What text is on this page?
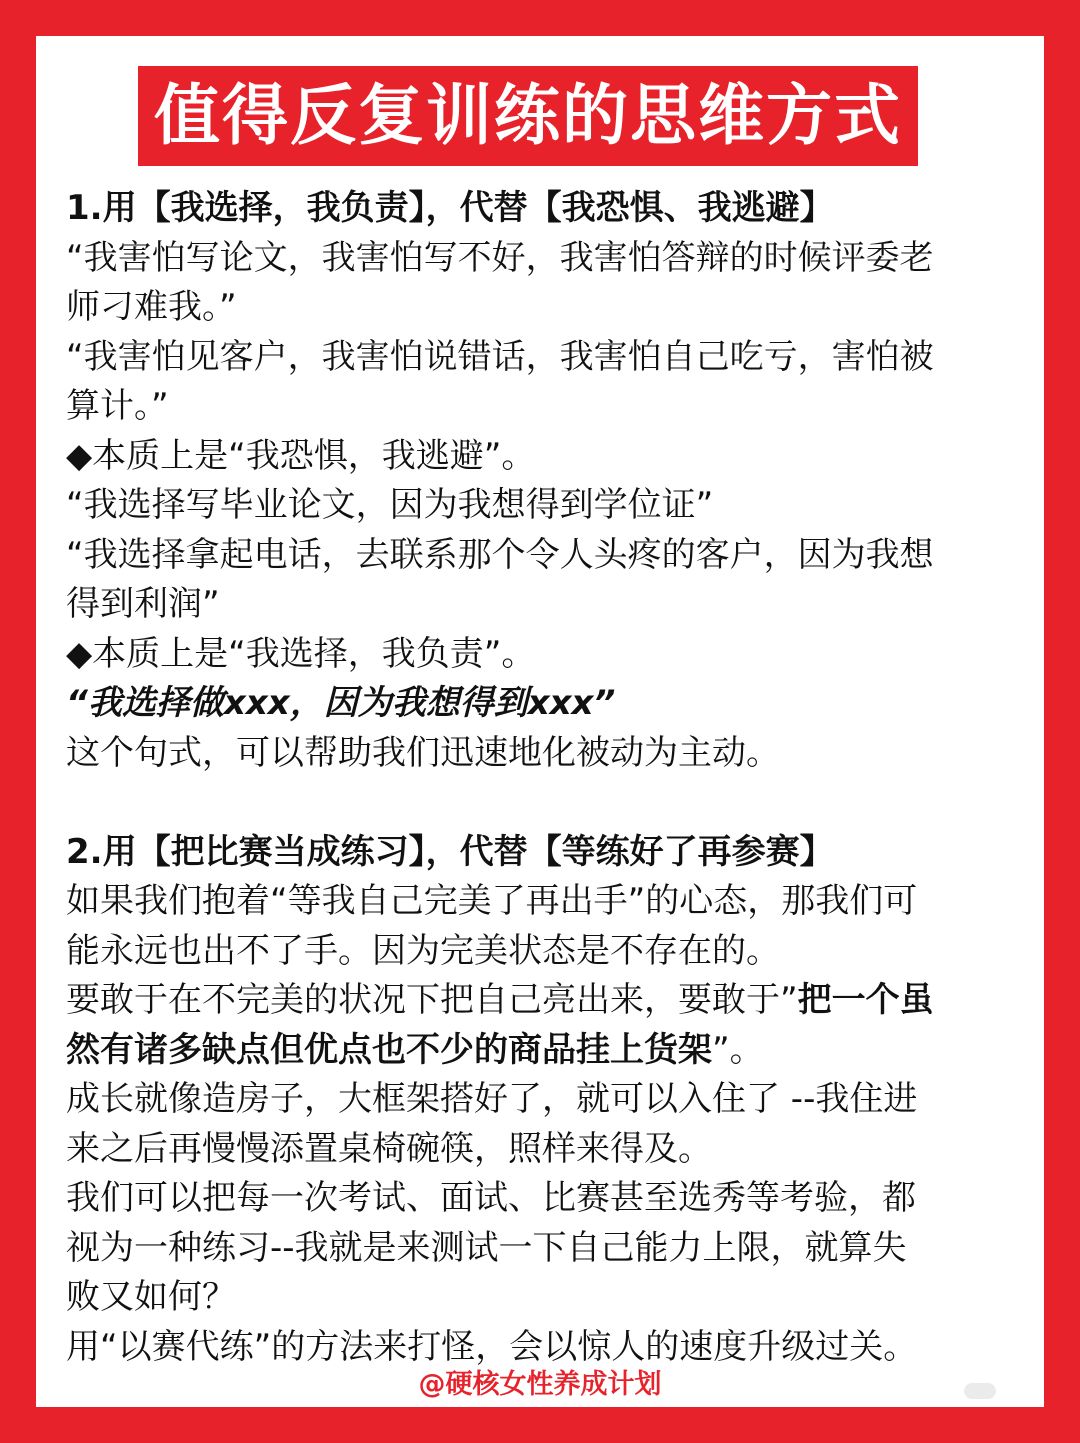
值得反复训练的思维方式
1.用【我选择，我负责】，代替【我恐惧、我逃避】
“我害怕写论文，我害怕写不好，我害怕答辩的时候评委老
师刁难我。”
“我害怕见客户，我害怕说错话，我害怕自己吃亏，害怕被
算计。”
◆本质上是“我恐惧，我逃避”。
“我选择写毕业论文，因为我想得到学位证”
“我选择拿起电话，去联系那个令人头疼的客户，因为我想
得到利润”
◆本质上是“我选择，我负责”。
“我选择做xxx，因为我想得到xxx”
这个句式，可以帮助我们迅速地化被动为主动。
2.用【把比赛当成练习】，代替【等练好了再参赛】
如果我们抱着“等我自己完美了再出手”的心态，那我们可
能永远也出不了手。因为完美状态是不存在的。
要敢于在不完美的状况下把自己亮出来，要敢于”把一个虽
然有诸多缺点但优点也不少的商品挂上货架”。
成长就像造房子，大框架搭好了，就可以入住了 --我住进
来之后再慢慢添置桌椅碗筷，照样来得及。
我们可以把每一次考试、面试、比赛甚至选秀等考验，都
视为一种练习--我就是来测试一下自己能力上限，就算失
败又如何？
用“以赛代练”的方法来打怪，会以惊人的速度升级过关。
@硬核女性养成计划
